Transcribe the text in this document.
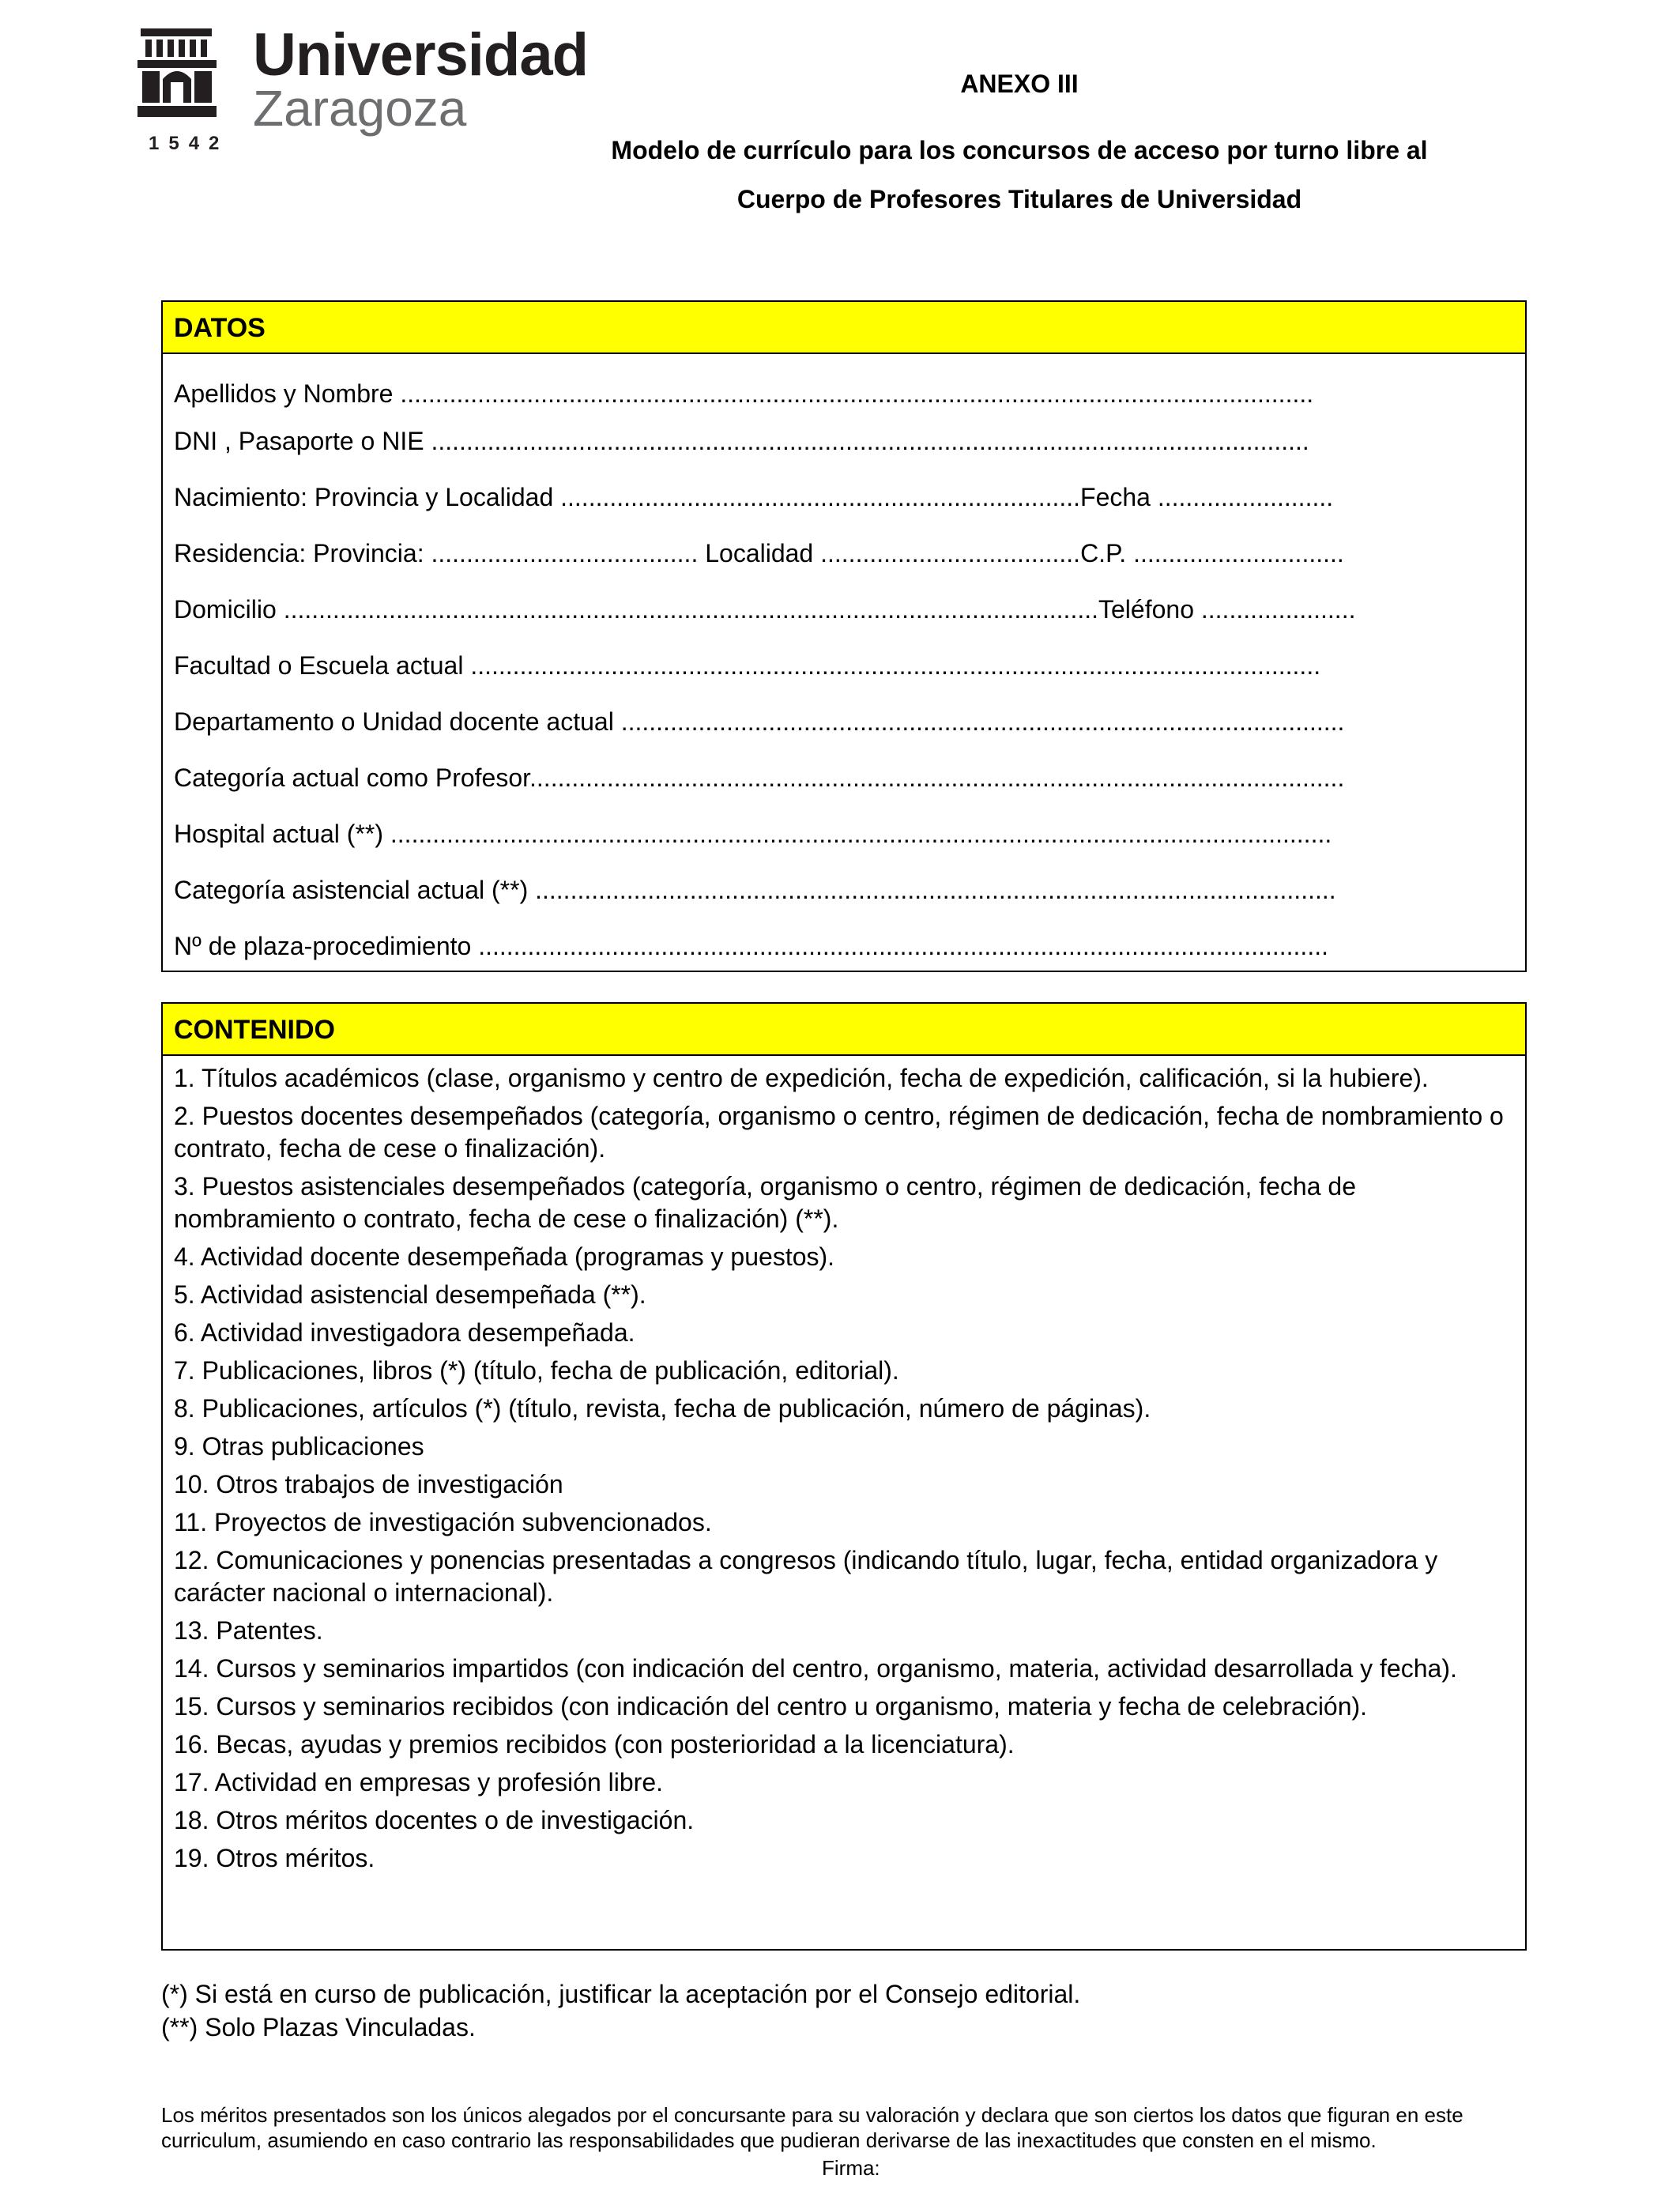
Universidad
Zaragoza
1542
ANEXO III
Modelo de currículo para los concursos de acceso por turno libre al
Cuerpo de Profesores Titulares de Universidad
DATOS
Apellidos y Nombre ..................................................................................................................................
DNI , Pasaporte o NIE .............................................................................................................................
Nacimiento: Provincia y Localidad ..........................................................................Fecha .........................
Residencia: Provincia: ...................................... Localidad .....................................C.P. ..............................
Domicilio ....................................................................................................................Teléfono ......................
Facultad o Escuela actual .........................................................................................................................
Departamento o Unidad docente actual .......................................................................................................
Categoría actual como Profesor....................................................................................................................
Hospital actual (**) ......................................................................................................................................
Categoría asistencial actual (**) ..................................................................................................................
Nº de plaza-procedimiento .........................................................................................................................
CONTENIDO
1. Títulos académicos (clase, organismo y centro de expedición, fecha de expedición, calificación, si la hubiere).
2. Puestos docentes desempeñados (categoría, organismo o centro, régimen de dedicación, fecha de nombramiento o contrato, fecha de cese o finalización).
3. Puestos asistenciales desempeñados (categoría, organismo o centro, régimen de dedicación, fecha de nombramiento o contrato, fecha de cese o finalización) (**).
4. Actividad docente desempeñada (programas y puestos).
5. Actividad asistencial desempeñada (**).
6. Actividad investigadora desempeñada.
7. Publicaciones, libros (*) (título, fecha de publicación, editorial).
8. Publicaciones, artículos (*) (título, revista, fecha de publicación, número de páginas).
9. Otras publicaciones
10. Otros trabajos de investigación
11. Proyectos de investigación subvencionados.
12. Comunicaciones y ponencias presentadas a congresos (indicando título, lugar, fecha, entidad organizadora y carácter nacional o internacional).
13. Patentes.
14. Cursos y seminarios impartidos (con indicación del centro, organismo, materia, actividad desarrollada y fecha).
15. Cursos y seminarios recibidos (con indicación del centro u organismo, materia y fecha de celebración).
16. Becas, ayudas y premios recibidos (con posterioridad a la licenciatura).
17. Actividad en empresas y profesión libre.
18. Otros méritos docentes o de investigación.
19. Otros méritos.
(*) Si está en curso de publicación, justificar la aceptación por el Consejo editorial.
(**) Solo Plazas Vinculadas.
Los méritos presentados son los únicos alegados por el concursante para su valoración y declara que son ciertos los datos que figuran en este curriculum, asumiendo en caso contrario las responsabilidades que pudieran derivarse de las inexactitudes que consten en el mismo.
Firma:
